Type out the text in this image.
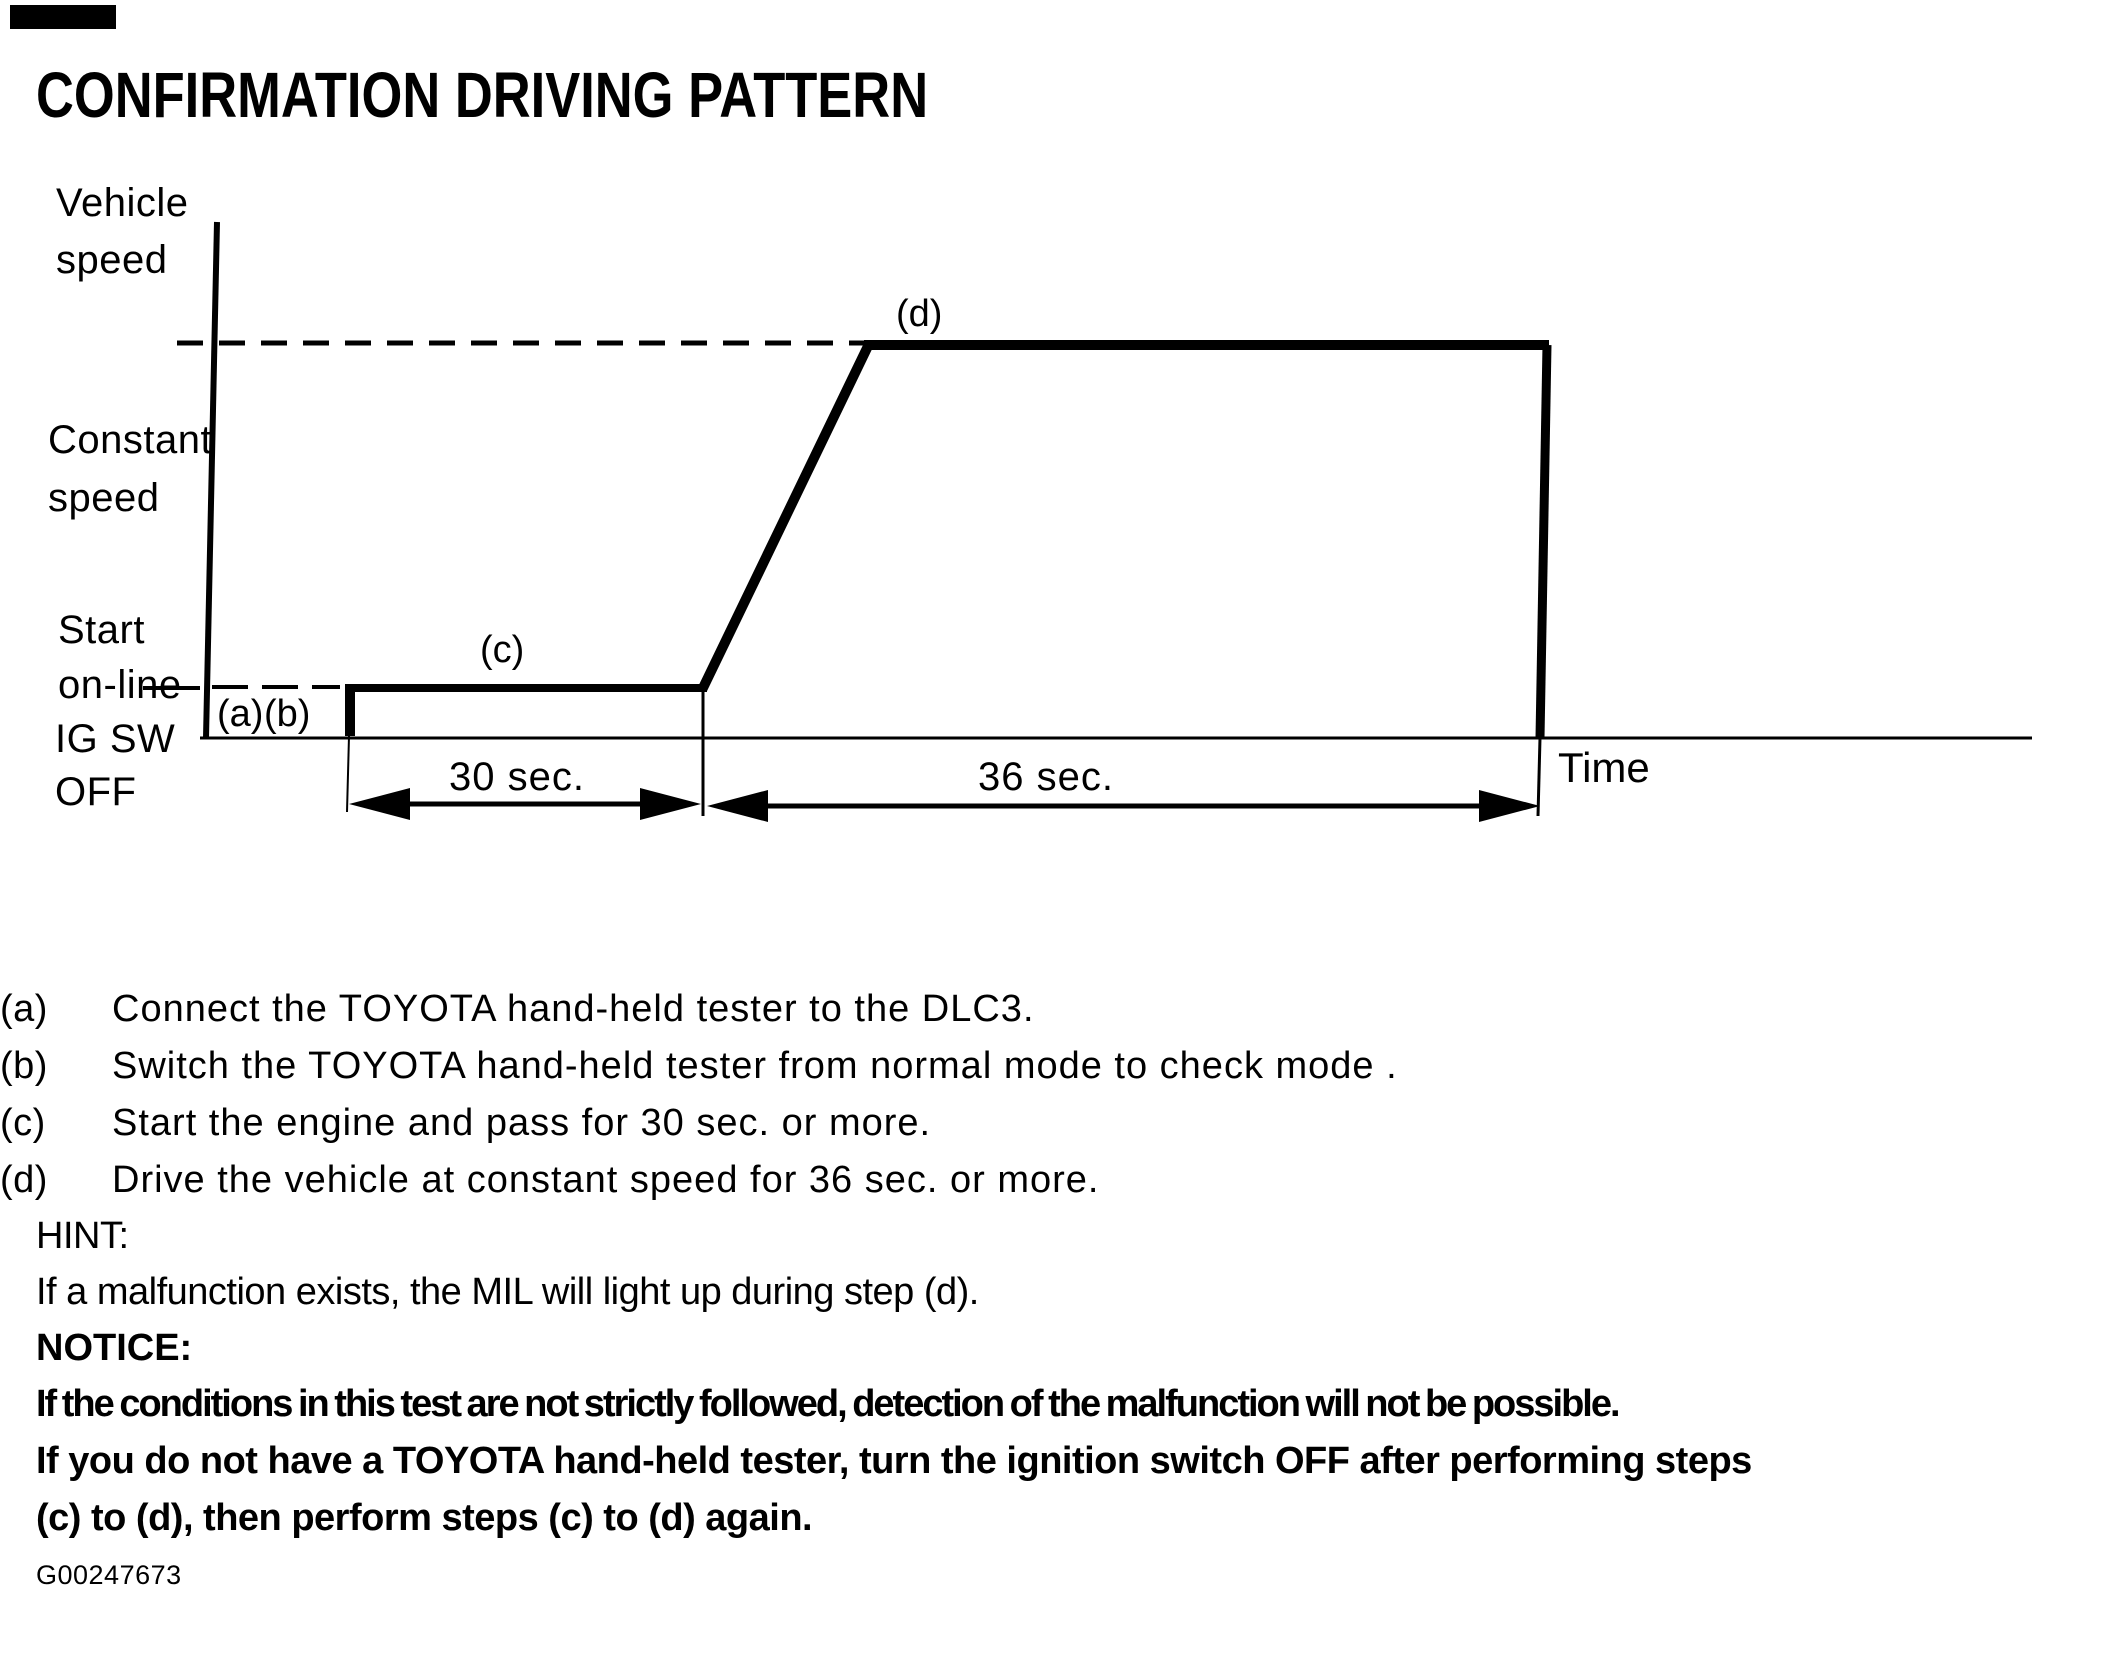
CONFIRMATION DRIVING PATTERN
Vehicle
speed
Constant
speed
Start
on-line
IG SW
OFF
(a) (b)
(c)
(d)
30 sec.	36 sec.	Time
(a) Connect the TOYOTA hand-held tester to the DLC3.
(b) Switch the TOYOTA hand-held tester from normal mode to check mode .
(c) Start the engine and pass for 30 sec. or more.
(d) Drive the vehicle at constant speed for 36 sec. or more.
HINT:
If a malfunction exists, the MIL will light up during step (d).
NOTICE:
If the conditions in this test are not strictly followed, detection of the malfunction will not be possible.
If you do not have a TOYOTA hand-held tester, turn the ignition switch OFF after performing steps
(c) to (d), then perform steps (c) to (d) again.
G00247673
